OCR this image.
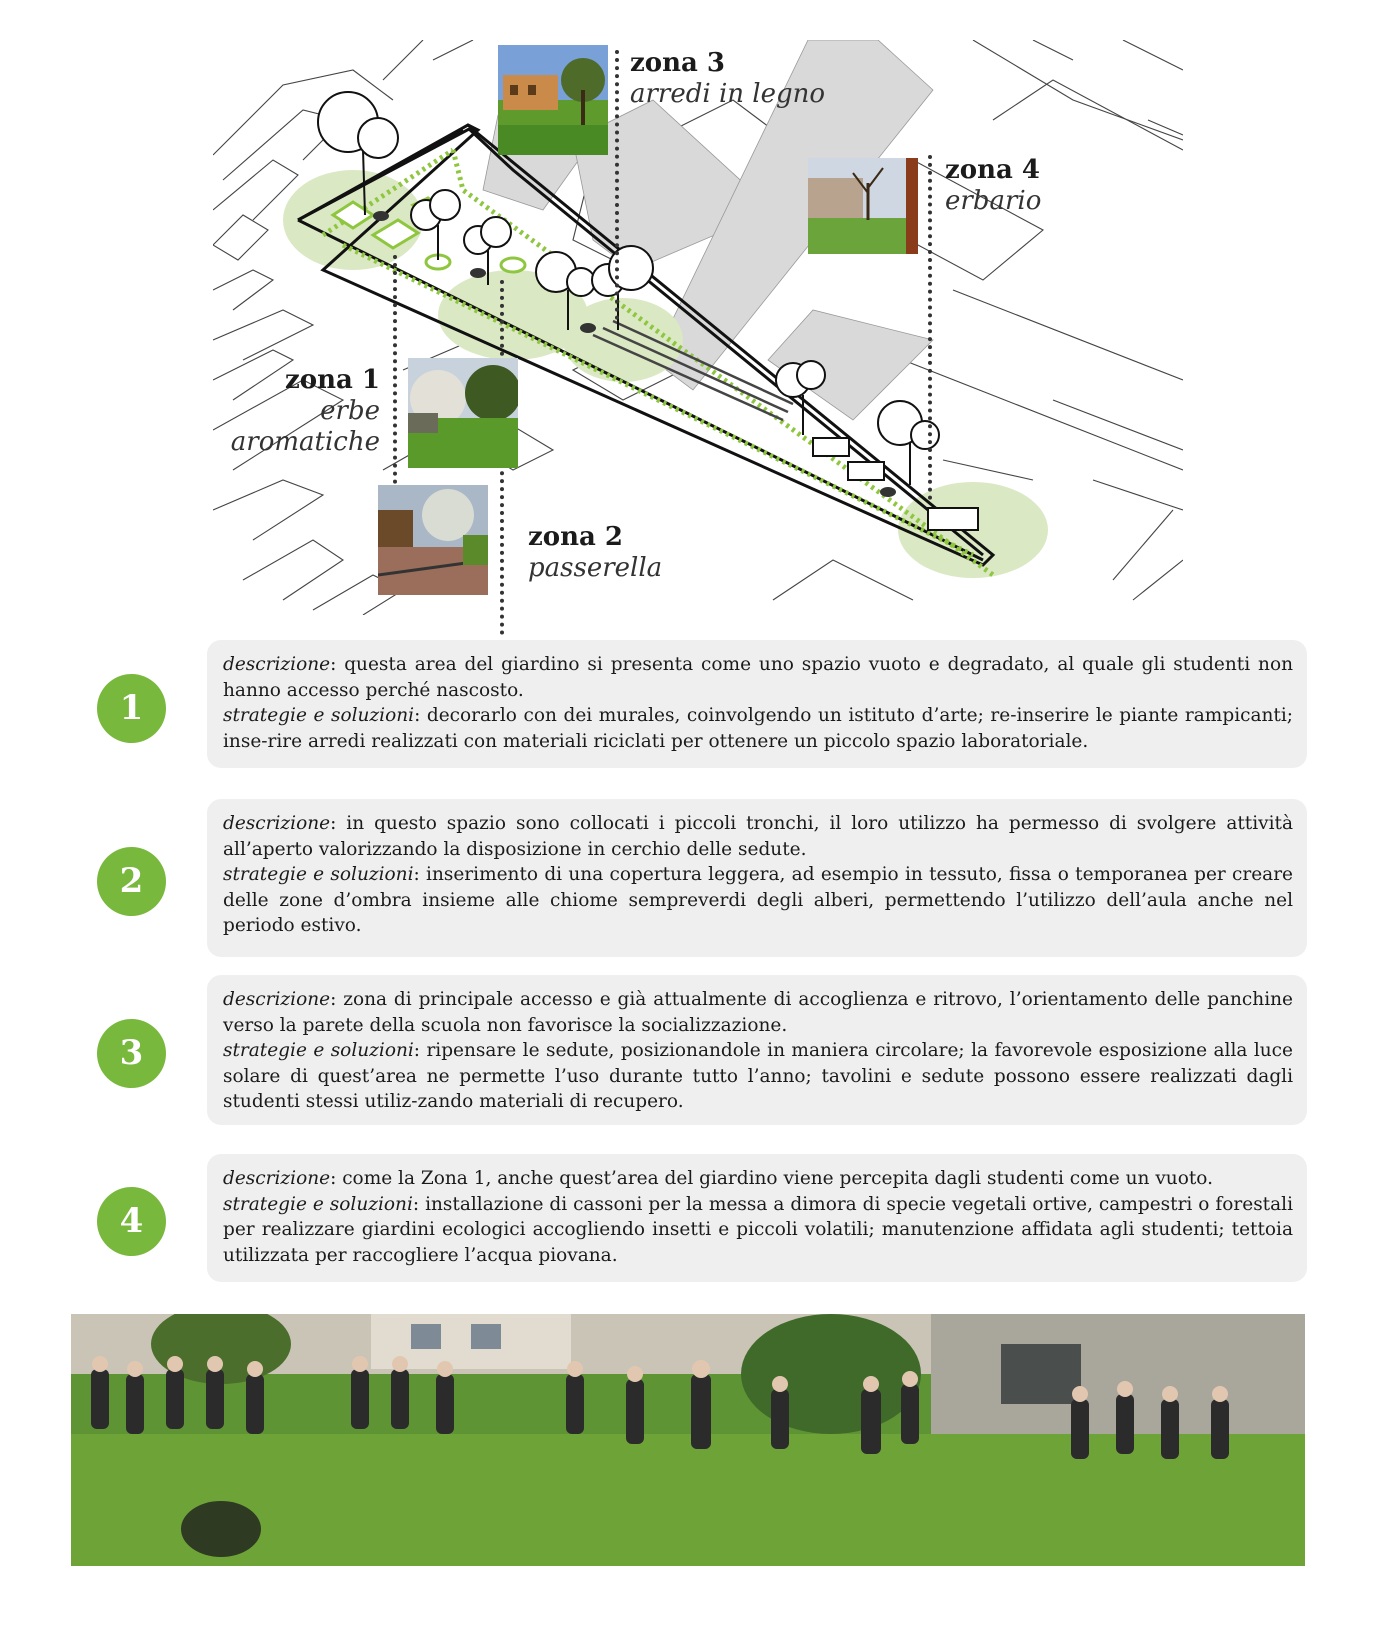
zona 3
arredi in legno
zona 4
erbario
zona 1
erbe
aromatiche
zona 2
passerella
1

descrizione: questa area del giardino si presenta come uno spazio vuoto e degradato, al quale gli studenti non hanno accesso perché nascosto.

strategie e soluzioni: decorarlo con dei murales, coinvolgendo un istituto d’arte; re-inserire le piante rampicanti; inse-rire arredi realizzati con materiali riciclati per ottenere un piccolo spazio laboratoriale.

2

descrizione: in questo spazio sono collocati i piccoli tronchi, il loro utilizzo ha permesso di svolgere attività all’aperto valorizzando la disposizione in cerchio delle sedute.

strategie e soluzioni: inserimento di una copertura leggera, ad esempio in tessuto, fissa o temporanea per creare delle zone d’ombra insieme alle chiome sempreverdi degli alberi, permettendo l’utilizzo dell’aula anche nel periodo estivo.

3

descrizione: zona di principale accesso e già attualmente di accoglienza e ritrovo, l’orientamento delle panchine verso la parete della scuola non favorisce la socializzazione.

strategie e soluzioni: ripensare le sedute, posizionandole in maniera circolare; la favorevole esposizione alla luce solare di quest’area ne permette l’uso durante tutto l’anno; tavolini e sedute possono essere realizzati dagli studenti stessi utiliz-zando materiali di recupero.

4

descrizione: come la Zona 1, anche quest’area del giardino viene percepita dagli studenti come un vuoto.

strategie e soluzioni: installazione di cassoni per la messa a dimora di specie vegetali ortive, campestri o forestali per realizzare giardini ecologici accogliendo insetti e piccoli volatili; manutenzione affidata agli studenti; tettoia utilizzata per raccogliere l’acqua piovana.
